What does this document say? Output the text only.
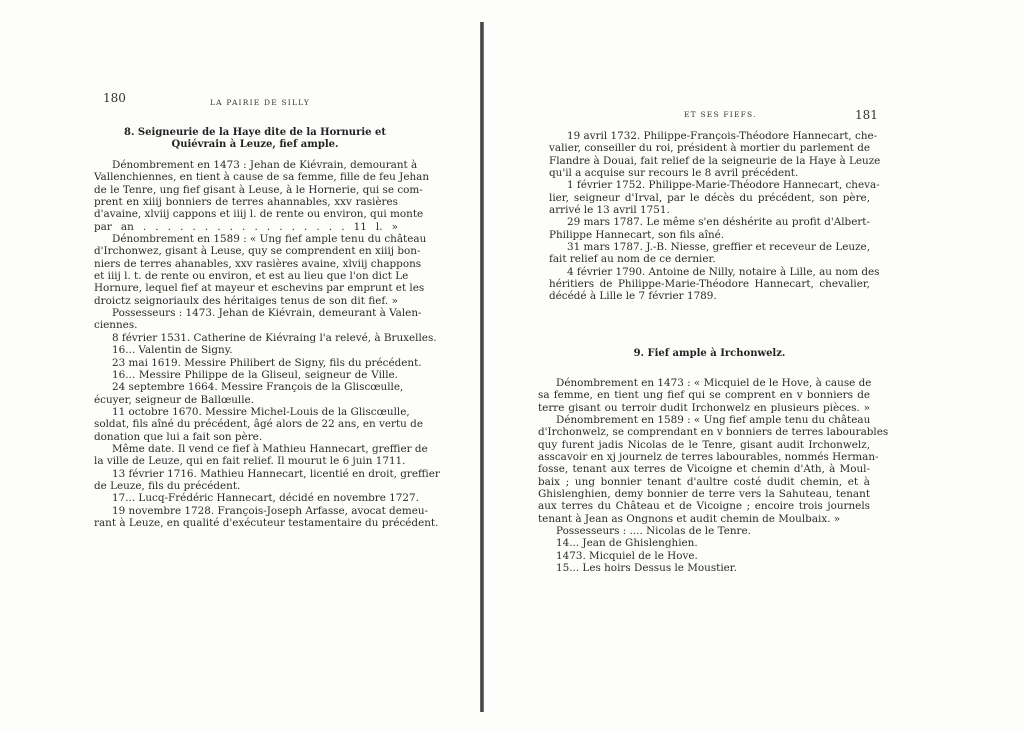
180	LA PAIRIE DE SILLY
8. Seigneurie de la Haye dite de la Hornurie et
Quiévrain à Leuze, fief ample.
Dénombrement en 1473 : Jehan de Kiévrain, demourant à
Vallenchiennes, en tient à cause de sa femme, fille de feu Jehan
de le Tenre, ung fief gisant à Leuse, à le Hornerie, qui se com-
prent en xiiij bonniers de terres ahannables, xxv rasières
d'avaine, xlviij cappons et iiij l. de rente ou environ, qui monte
par an . . . . . . . . . . . . . . . . . 11 l. »
Dénombrement en 1589 : « Ung fief ample tenu du château
d'Irchonwez, gisant à Leuse, quy se comprendent en xiiij bon-
niers de terres ahanables, xxv rasières avaine, xlviij chappons
et iiij l. t. de rente ou environ, et est au lieu que l'on dict Le
Hornure, lequel fief at mayeur et eschevins par emprunt et les
droictz seignoriaulx des héritaiges tenus de son dit fief. »
Possesseurs : 1473. Jehan de Kiévrain, demeurant à Valen-
ciennes.
8 février 1531. Catherine de Kiévraing l'a relevé, à Bruxelles.
16... Valentin de Signy.
23 mai 1619. Messire Philibert de Signy, fils du précédent.
16... Messire Philippe de la Gliseul, seigneur de Ville.
24 septembre 1664. Messire François de la Gliscœulle,
écuyer, seigneur de Ballœulle.
11 octobre 1670. Messire Michel-Louis de la Gliscœulle,
soldat, fils aîné du précédent, âgé alors de 22 ans, en vertu de
donation que lui a fait son père.
Même date. Il vend ce fief à Mathieu Hannecart, greffier de
la ville de Leuze, qui en fait relief. Il mourut le 6 juin 1711.
13 février 1716. Mathieu Hannecart, licentié en droit, greffier
de Leuze, fils du précédent.
17... Lucq-Frédéric Hannecart, décidé en novembre 1727.
19 novembre 1728. François-Joseph Arfasse, avocat demeu-
rant à Leuze, en qualité d'exécuteur testamentaire du précédent.
ET SES FIEFS.	181
19 avril 1732. Philippe-François-Théodore Hannecart, che-
valier, conseiller du roi, président à mortier du parlement de
Flandre à Douai, fait relief de la seigneurie de la Haye à Leuze
qu'il a acquise sur recours le 8 avril précédent.
1 février 1752. Philippe-Marie-Théodore Hannecart, cheva-
lier, seigneur d'Irval, par le décès du précédent, son père,
arrivé le 13 avril 1751.
29 mars 1787. Le même s'en déshérite au profit d'Albert-
Philippe Hannecart, son fils aîné.
31 mars 1787. J.-B. Niesse, greffier et receveur de Leuze,
fait relief au nom de ce dernier.
4 février 1790. Antoine de Nilly, notaire à Lille, au nom des
héritiers de Philippe-Marie-Théodore Hannecart, chevalier,
décédé à Lille le 7 février 1789.
9. Fief ample à Irchonwelz.
Dénombrement en 1473 : « Micquiel de le Hove, à cause de
sa femme, en tient ung fief qui se comprent en v bonniers de
terre gisant ou terroir dudit Irchonwelz en plusieurs pièces. »
Dénombrement en 1589 : « Ung fief ample tenu du château
d'Irchonwelz, se comprendant en v bonniers de terres labourables
quy furent jadis Nicolas de le Tenre, gisant audit Irchonwelz,
asscavoir en xj journelz de terres labourables, nommés Herman-
fosse, tenant aux terres de Vicoigne et chemin d'Ath, à Moul-
baix ; ung bonnier tenant d'aultre costé dudit chemin, et à
Ghislenghien, demy bonnier de terre vers la Sahuteau, tenant
aux terres du Château et de Vicoigne ; encoire trois journels
tenant à Jean as Ongnons et audit chemin de Moulbaix. »
Possesseurs : .... Nicolas de le Tenre.
14... Jean de Ghislenghien.
1473. Micquiel de le Hove.
15... Les hoirs Dessus le Moustier.
